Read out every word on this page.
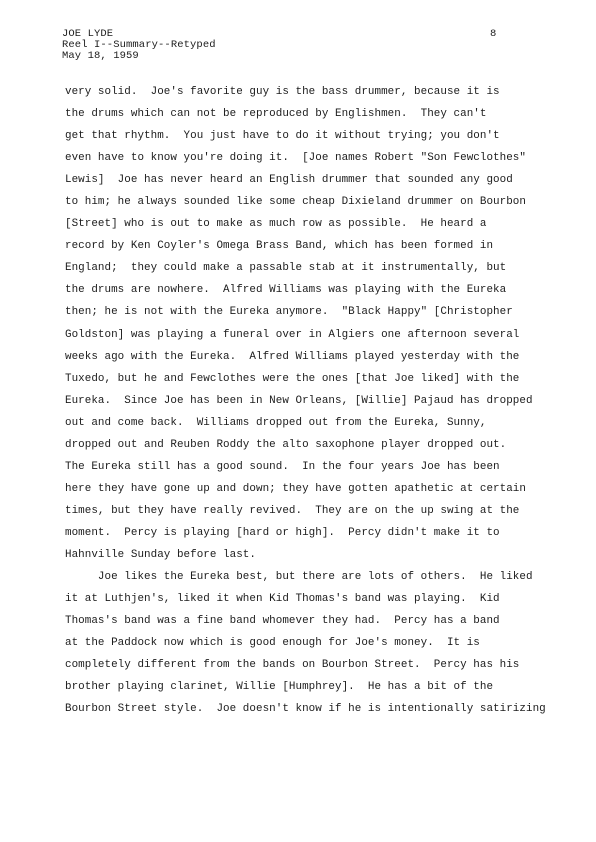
JOE LYDE
Reel I--Summary--Retyped
May 18, 1959
8
very solid.  Joe's favorite guy is the bass drummer, because it is
the drums which can not be reproduced by Englishmen.  They can't
get that rhythm.  You just have to do it without trying; you don't
even have to know you're doing it.  [Joe names Robert "Son Fewclothes"
Lewis]  Joe has never heard an English drummer that sounded any good
to him; he always sounded like some cheap Dixieland drummer on Bourbon
[Street] who is out to make as much row as possible.  He heard a
record by Ken Coyler's Omega Brass Band, which has been formed in
England;  they could make a passable stab at it instrumentally, but
the drums are nowhere.  Alfred Williams was playing with the Eureka
then; he is not with the Eureka anymore.  "Black Happy" [Christopher
Goldston] was playing a funeral over in Algiers one afternoon several
weeks ago with the Eureka.  Alfred Williams played yesterday with the
Tuxedo, but he and Fewclothes were the ones [that Joe liked] with the
Eureka.  Since Joe has been in New Orleans, [Willie] Pajaud has dropped
out and come back.  Williams dropped out from the Eureka, Sunny,
dropped out and Reuben Roddy the alto saxophone player dropped out.
The Eureka still has a good sound.  In the four years Joe has been
here they have gone up and down; they have gotten apathetic at certain
times, but they have really revived.  They are on the up swing at the
moment.  Percy is playing [hard or high].  Percy didn't make it to
Hahnville Sunday before last.
Joe likes the Eureka best, but there are lots of others.  He liked
it at Luthjen's, liked it when Kid Thomas's band was playing.  Kid
Thomas's band was a fine band whomever they had.  Percy has a band
at the Paddock now which is good enough for Joe's money.  It is
completely different from the bands on Bourbon Street.  Percy has his
brother playing clarinet, Willie [Humphrey].  He has a bit of the
Bourbon Street style.  Joe doesn't know if he is intentionally satirizing
